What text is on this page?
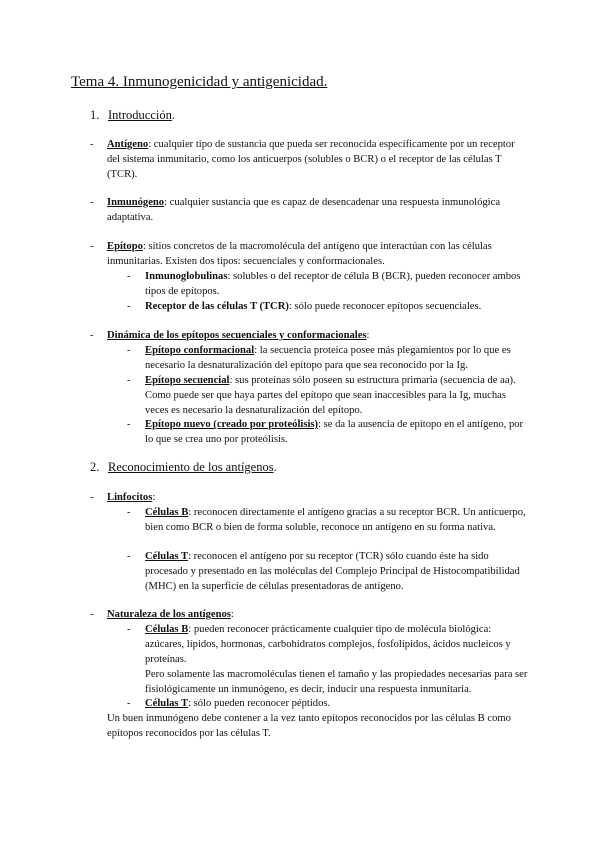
Tema 4. Inmunogenicidad y antigenicidad.
1. Introducción.
- Antígeno: cualquier tipo de sustancia que pueda ser reconocida específicamente por un receptor del sistema inmunitario, como los anticuerpos (solubles o BCR) o el receptor de las células T (TCR).
- Inmunógeno: cualquier sustancia que es capaz de desencadenar una respuesta inmunológica adaptativa.
- Epítopo: sitios concretos de la macromolécula del antígeno que interactúan con las células inmunitarias. Existen dos tipos: secuenciales y conformacionales.
- Inmunoglobulinas: solubles o del receptor de célula B (BCR), pueden reconocer ambos tipos de epítopos.
- Receptor de las células T (TCR): sólo puede reconocer epítopos secuenciales.
- Dinámica de los epítopos secuenciales y conformacionales:
- Epítopo conformacional: la secuencia proteica posee más plegamientos por lo que es necesario la desnaturalización del epítopo para que sea reconocido por la Ig.
- Epítopo secuencial: sus proteínas sólo poseen su estructura primaria (secuencia de aa). Como puede ser que haya partes del epítopo que sean inaccesibles para la Ig, muchas veces es necesario la desnaturalización del epítopo.
- Epítopo nuevo (creado por proteólisis): se da la ausencia de epítopo en el antígeno, por lo que se crea uno por proteólisis.
2. Reconocimiento de los antígenos.
- Linfocitos:
- Células B: reconocen directamente el antígeno gracias a su receptor BCR. Un anticuerpo, bien como BCR o bien de forma soluble, reconoce un antígeno en su forma nativa.
- Células T: reconocen el antígeno por su receptor (TCR) sólo cuando éste ha sido procesado y presentado en las moléculas del Complejo Principal de Histocompatibilidad (MHC) en la superficie de células presentadoras de antígeno.
- Naturaleza de los antígenos:
- Células B: pueden reconocer prácticamente cualquier tipo de molécula biológica: azúcares, lípidos, hormonas, carbohidratos complejos, fosfolípidos, ácidos nucleicos y proteínas.
Pero solamente las macromoléculas tienen el tamaño y las propiedades necesarias para ser fisiológicamente un inmunógeno, es decir, inducir una respuesta inmunitaria.
- Células T: sólo pueden reconocer péptidos.
Un buen inmunógeno debe contener a la vez tanto epítopos reconocidos por las células B como epítopos reconocidos por las células T.
